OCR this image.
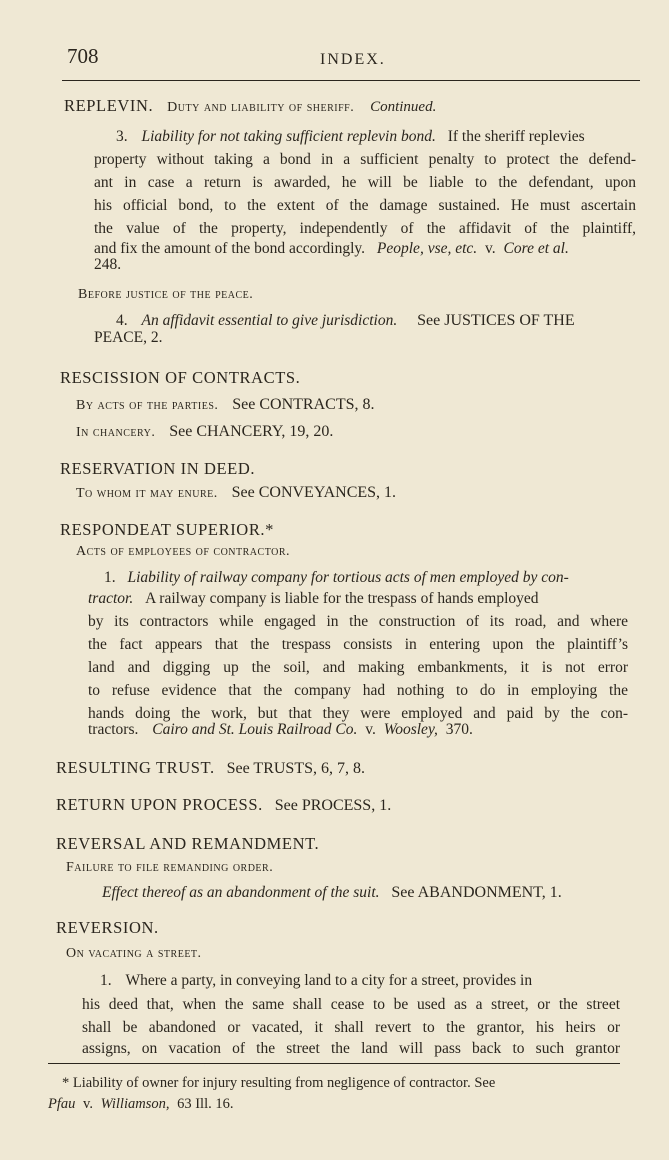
708	INDEX.
REPLEVIN. Duty and liability of sheriff. Continued.
3. Liability for not taking sufficient replevin bond. If the sheriff replevies
property without taking a bond in a sufficient penalty to protect the defend-
ant in case a return is awarded, he will be liable to the defendant, upon
his official bond, to the extent of the damage sustained. He must ascertain
the value of the property, independently of the affidavit of the plaintiff,
and fix the amount of the bond accordingly. People, vse, etc. v. Core et al.
248.
Before justice of the peace.
4. An affidavit essential to give jurisdiction. See JUSTICES OF THE
PEACE, 2.
RESCISSION OF CONTRACTS.
By acts of the parties. See CONTRACTS, 8.
In chancery. See CHANCERY, 19, 20.
RESERVATION IN DEED.
To whom it may enure. See CONVEYANCES, 1.
RESPONDEAT SUPERIOR.*
Acts of employees of contractor.
1. Liability of railway company for tortious acts of men employed by con-
tractor. A railway company is liable for the trespass of hands employed
by its contractors while engaged in the construction of its road, and where
the fact appears that the trespass consists in entering upon the plaintiff’s
land and digging up the soil, and making embankments, it is not error
to refuse evidence that the company had nothing to do in employing the
hands doing the work, but that they were employed and paid by the con-
tractors. Cairo and St. Louis Railroad Co. v. Woosley, 370.
RESULTING TRUST. See TRUSTS, 6, 7, 8.
RETURN UPON PROCESS. See PROCESS, 1.
REVERSAL AND REMANDMENT.
Failure to file remanding order.
Effect thereof as an abandonment of the suit. See ABANDONMENT, 1.
REVERSION.
On vacating a street.
1. Where a party, in conveying land to a city for a street, provides in
his deed that, when the same shall cease to be used as a street, or the street
shall be abandoned or vacated, it shall revert to the grantor, his heirs or
assigns, on vacation of the street the land will pass back to such grantor
* Liability of owner for injury resulting from negligence of contractor. See
Pfau v. Williamson, 63 Ill. 16.
